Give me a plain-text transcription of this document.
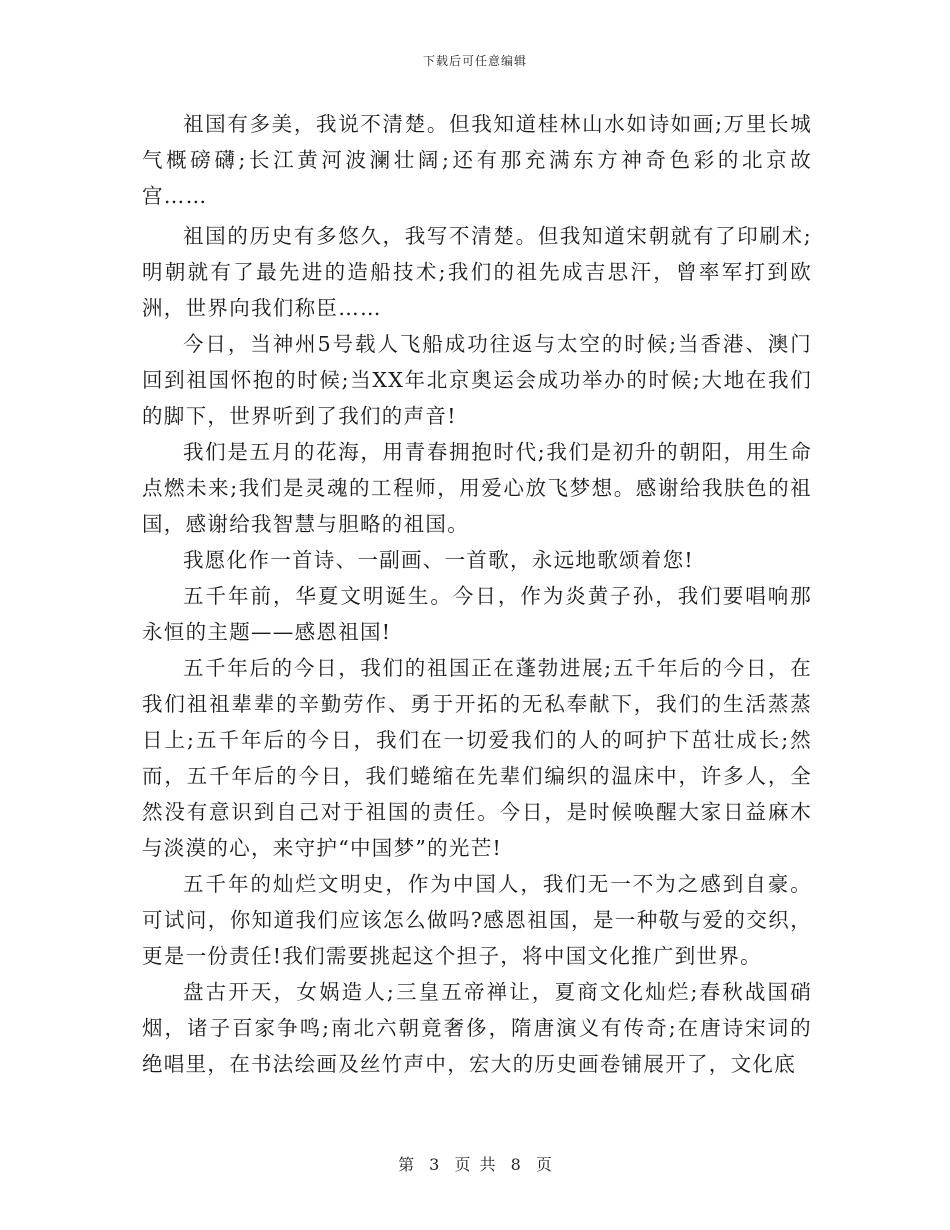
下载后可任意编辑

祖国有多美，我说不清楚。但我知道桂林山水如诗如画;万里长城气概磅礴;长江黄河波澜壮阔;还有那充满东方神奇色彩的北京故宫……

祖国的历史有多悠久，我写不清楚。但我知道宋朝就有了印刷术;明朝就有了最先进的造船技术;我们的祖先成吉思汗，曾率军打到欧洲，世界向我们称臣……

今日，当神州5号载人飞船成功往返与太空的时候;当香港、澳门回到祖国怀抱的时候;当XX年北京奥运会成功举办的时候;大地在我们的脚下，世界听到了我们的声音!

我们是五月的花海，用青春拥抱时代;我们是初升的朝阳，用生命点燃未来;我们是灵魂的工程师，用爱心放飞梦想。感谢给我肤色的祖国，感谢给我智慧与胆略的祖国。

我愿化作一首诗、一副画、一首歌，永远地歌颂着您!

五千年前，华夏文明诞生。今日，作为炎黄子孙，我们要唱响那永恒的主题——感恩祖国!

五千年后的今日，我们的祖国正在蓬勃进展;五千年后的今日，在我们祖祖辈辈的辛勤劳作、勇于开拓的无私奉献下，我们的生活蒸蒸日上;五千年后的今日，我们在一切爱我们的人的呵护下茁壮成长;然而，五千年后的今日，我们蜷缩在先辈们编织的温床中，许多人，全然没有意识到自己对于祖国的责任。今日，是时候唤醒大家日益麻木与淡漠的心，来守护“中国梦”的光芒!

五千年的灿烂文明史，作为中国人，我们无一不为之感到自豪。可试问，你知道我们应该怎么做吗?感恩祖国，是一种敬与爱的交织，更是一份责任!我们需要挑起这个担子，将中国文化推广到世界。

盘古开天，女娲造人;三皇五帝禅让，夏商文化灿烂;春秋战国硝烟，诸子百家争鸣;南北六朝竟奢侈，隋唐演义有传奇;在唐诗宋词的绝唱里，在书法绘画及丝竹声中，宏大的历史画卷铺展开了，文化底

第 3 页 共 8 页
